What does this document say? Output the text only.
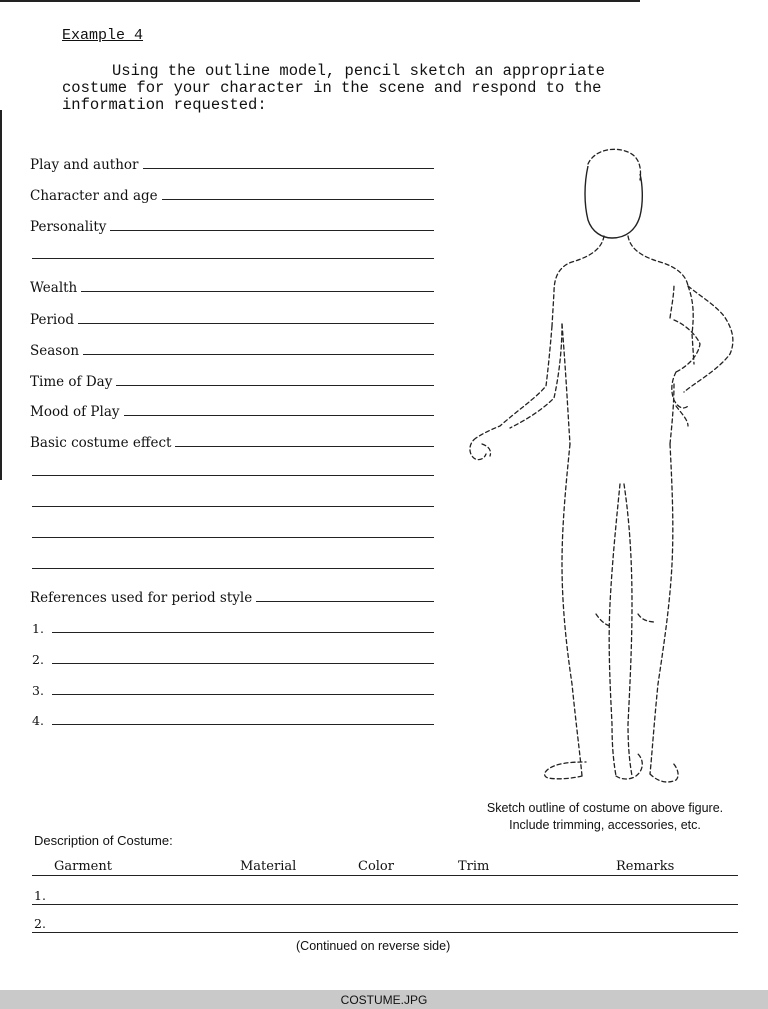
Example 4
Using the outline model, pencil sketch an appropriate costume for your character in the scene and respond to the information requested:
Play and author
Character and age
Personality
Wealth
Period
Season
Time of Day
Mood of Play
Basic costume effect
References used for period style
1.
2.
3.
4.
Sketch outline of costume on above figure.
Include trimming, accessories, etc.
Description of Costume:
Garment	Material	Color	Trim	Remarks
1.
2.
(Continued on reverse side)
COSTUME.JPG
